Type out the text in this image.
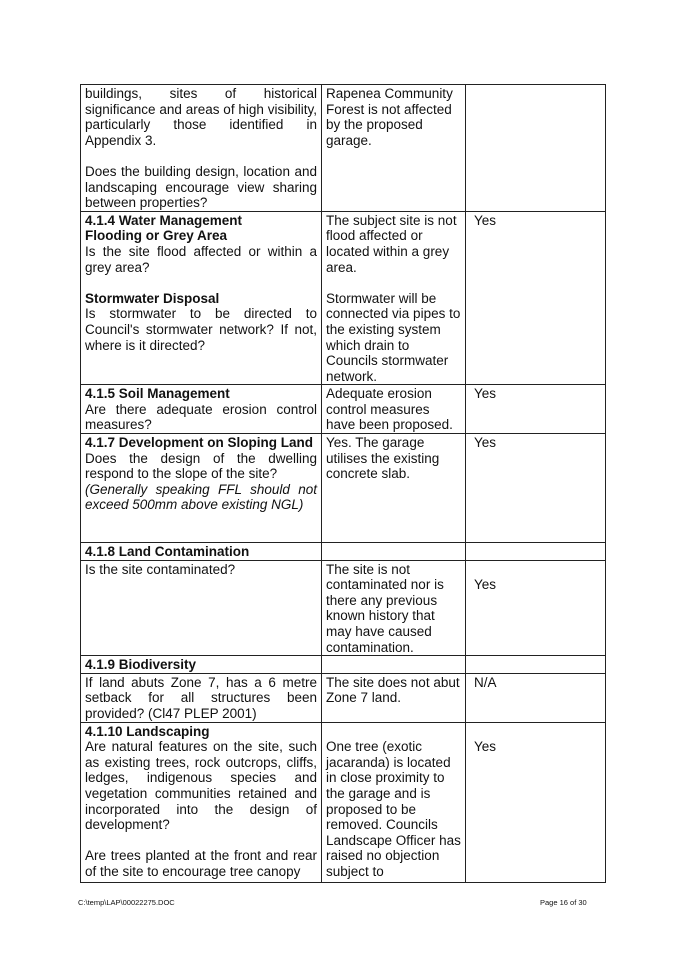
buildings, sites of historical significance and areas of high visibility, particularly those identified in Appendix 3.
Does the building design, location and landscaping encourage view sharing between properties?	Rapenea Community Forest is not affected by the proposed garage.	

4.1.4 Water Management
Flooding or Grey Area
Is the site flood affected or within a grey area?
Stormwater Disposal
Is stormwater to be directed to Council's stormwater network? If not, where is it directed?	The subject site is not flood affected or located within a grey area.
Stormwater will be connected via pipes to the existing system which drain to Councils stormwater network.	Yes

4.1.5 Soil Management
Are there adequate erosion control measures?	Adequate erosion control measures have been proposed.	Yes

4.1.7 Development on Sloping Land
Does the design of the dwelling respond to the slope of the site?
(Generally speaking FFL should not exceed 500mm above existing NGL)	Yes. The garage utilises the existing concrete slab.	Yes

4.1.8 Land Contamination		

Is the site contaminated?	The site is not contaminated nor is there any previous known history that may have caused contamination.	Yes

4.1.9 Biodiversity		

If land abuts Zone 7, has a 6 metre setback for all structures been provided? (Cl47 PLEP 2001)	The site does not abut Zone 7 land.	N/A

4.1.10 Landscaping
Are natural features on the site, such as existing trees, rock outcrops, cliffs, ledges, indigenous species and vegetation communities retained and incorporated into the design of development?
Are trees planted at the front and rear of the site to encourage tree canopy	One tree (exotic jacaranda) is located in close proximity to the garage and is proposed to be removed. Councils Landscape Officer has raised no objection subject to	Yes
C:\temp\LAP\00022275.DOC	Page 16 of 30
